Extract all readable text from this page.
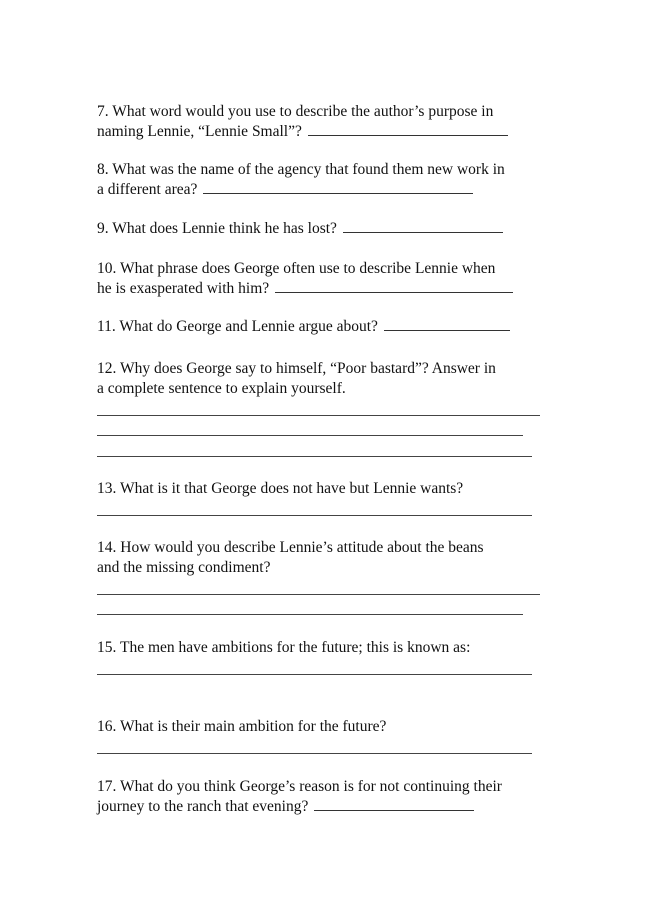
7. What word would you use to describe the author’s purpose in

naming Lennie, “Lennie Small”?

8. What was the name of the agency that found them new work in

a different area?

9. What does Lennie think he has lost?

10. What phrase does George often use to describe Lennie when

he is exasperated with him?

11. What do George and Lennie argue about?

12. Why does George say to himself, “Poor bastard”? Answer in

a complete sentence to explain yourself.

13. What is it that George does not have but Lennie wants?

14. How would you describe Lennie’s attitude about the beans

and the missing condiment?

15. The men have ambitions for the future; this is known as:

16. What is their main ambition for the future?

17. What do you think George’s reason is for not continuing their

journey to the ranch that evening?
